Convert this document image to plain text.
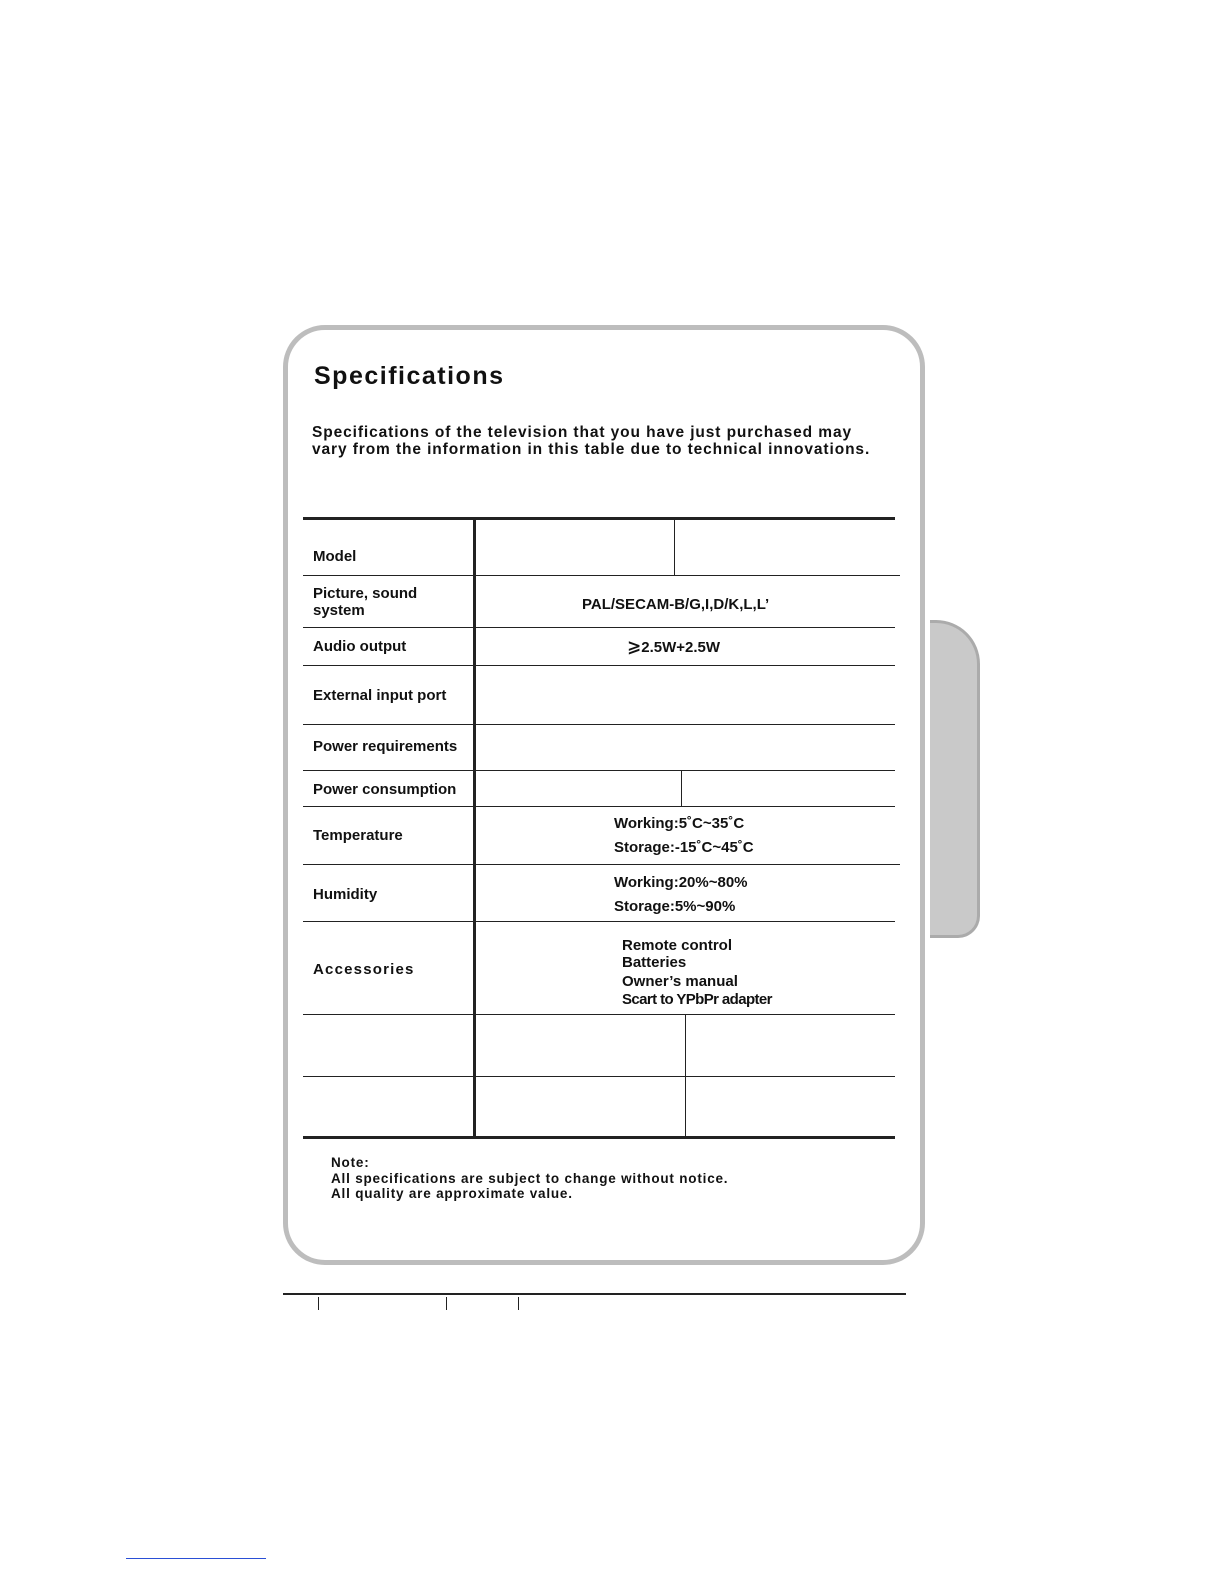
Specifications
Specifications of the television that you have just purchased may
vary from the information in this table due to technical innovations.
Model
Picture, sound
system
Audio output
External input port
Power requirements
Power consumption
Temperature
Humidity
Accessories
PAL/SECAM-B/G,I,D/K,L,L’
⩾2.5W+2.5W
Working:5˚C~35˚C
Storage:-15˚C~45˚C
Working:20%~80%
Storage:5%~90%
Remote control
Batteries
Owner’s manual
Scart to YPbPr adapter
Note:
All specifications are subject to change without notice.
All quality are approximate value.
